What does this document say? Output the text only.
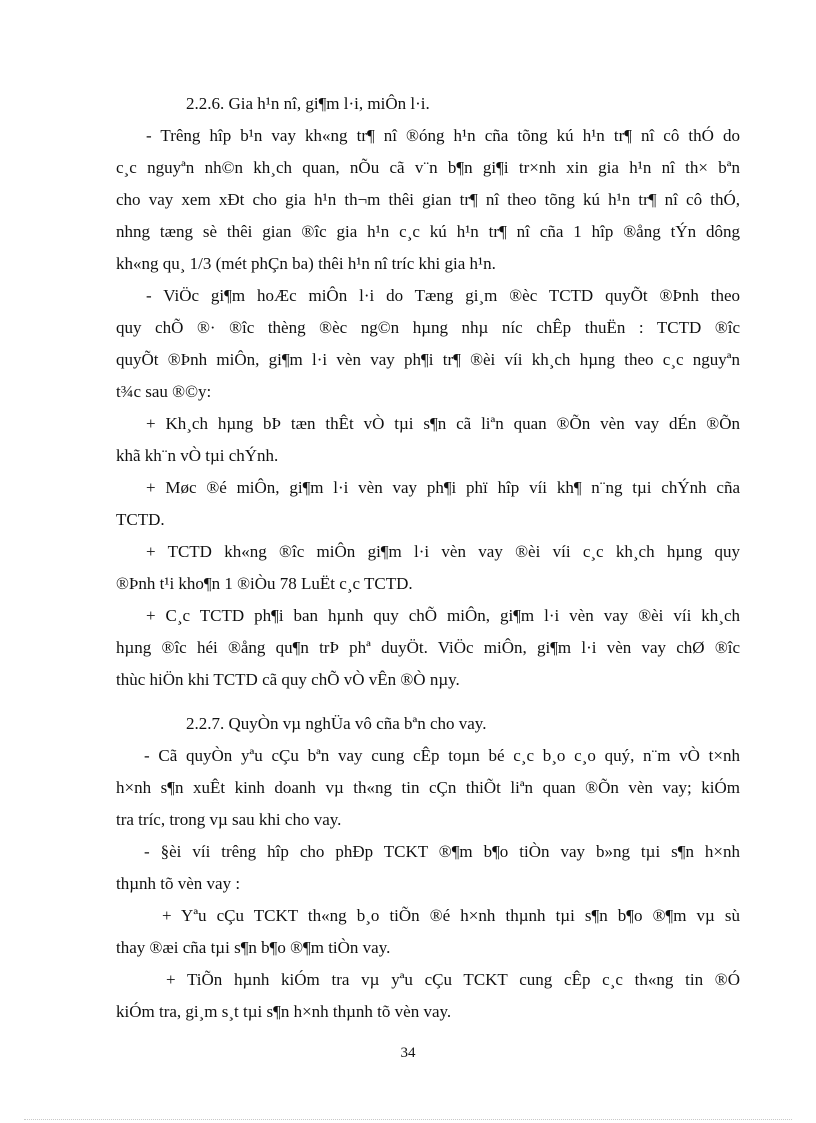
2.2.6. Gia h¹n nî, gi¶m l·i, miÔn l·i.
- Trêng hîp b¹n vay kh«ng tr¶ nî ®óng h¹n cña tõng kú h¹n tr¶ nî cô thÓ do
c¸c nguyªn nh©n kh¸ch quan, nÕu cã v¨n b¶n gi¶i tr×nh xin gia h¹n nî th× bªn
cho vay xem xÐt cho gia h¹n th¬m thêi gian tr¶ nî theo tõng kú h¹n tr¶ nî cô thÓ,
nhng tæng sè thêi gian ®îc gia h¹n c¸c kú h¹n tr¶ nî cña 1 hîp ®ång tÝn dông
kh«ng qu¸ 1/3 (mét phÇn ba) thêi h¹n nî tríc khi gia h¹n.
- ViÖc gi¶m hoÆc miÔn l·i do Tæng gi¸m ®èc TCTD quyÕt ®Þnh theo
quy chÕ ®· ®îc thèng ®èc ng©n hµng nhµ níc chÊp thuËn : TCTD ®îc
quyÕt ®Þnh miÔn, gi¶m l·i vèn vay ph¶i tr¶ ®èi víi kh¸ch hµng theo c¸c nguyªn
t¾c sau ®©y:
+ Kh¸ch hµng bÞ tæn thÊt vÒ tµi s¶n cã liªn quan ®Õn vèn vay dÉn ®Õn
khã kh¨n vÒ tµi chÝnh.
+ Møc ®é miÔn, gi¶m l·i vèn vay ph¶i phï hîp víi kh¶ n¨ng tµi chÝnh cña
TCTD.
+ TCTD kh«ng ®îc miÔn gi¶m l·i vèn vay ®èi víi c¸c kh¸ch hµng quy
®Þnh t¹i kho¶n 1 ®iÒu 78 LuËt c¸c TCTD.
+ C¸c TCTD ph¶i ban hµnh quy chÕ miÔn, gi¶m l·i vèn vay ®èi víi kh¸ch
hµng ®îc héi ®ång qu¶n trÞ phª duyÖt. ViÖc miÔn, gi¶m l·i vèn vay chØ ®îc
thùc hiÖn khi TCTD cã quy chÕ vÒ vÊn ®Ò nµy.
2.2.7. QuyÒn vµ nghÜa vô cña bªn cho vay.
- Cã quyÒn yªu cÇu bªn vay cung cÊp toµn bé c¸c b¸o c¸o quý, n¨m vÒ t×nh
h×nh s¶n xuÊt kinh doanh vµ th«ng tin cÇn thiÕt liªn quan ®Õn vèn vay; kiÓm
tra tríc, trong vµ sau khi cho vay.
- §èi víi trêng hîp cho phÐp TCKT ®¶m b¶o tiÒn vay b»ng tµi s¶n h×nh
thµnh tõ vèn vay :
+ Yªu cÇu TCKT th«ng b¸o tiÕn ®é h×nh thµnh tµi s¶n b¶o ®¶m vµ sù
thay ®æi cña tµi s¶n b¶o ®¶m tiÒn vay.
+ TiÕn hµnh kiÓm tra vµ yªu cÇu TCKT cung cÊp c¸c th«ng tin ®Ó
kiÓm tra, gi¸m s¸t tµi s¶n h×nh thµnh tõ vèn vay.
34
